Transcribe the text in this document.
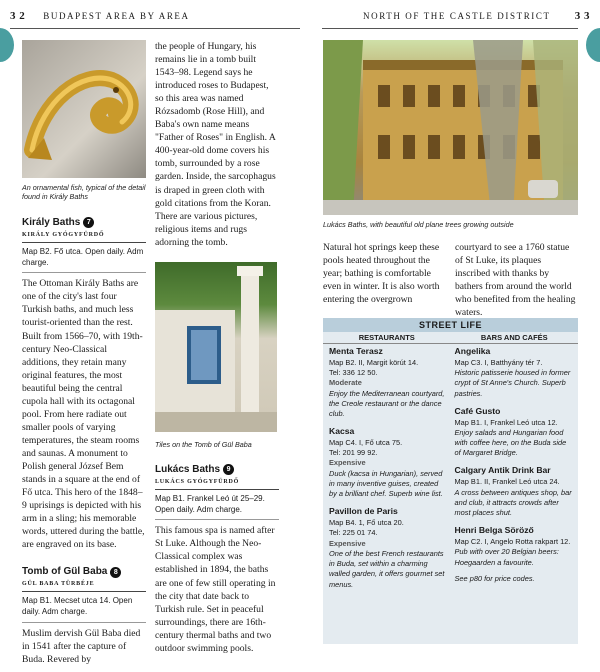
3 2 BUDAPEST AREA BY AREA	NORTH OF THE CASTLE DISTRICT 3 3
An ornamental fish, typical of the detail found in Király Baths
Király Baths 7
KIRÁLY GYÓGYFÜRDŐ
Map B2. Fő utca. Open daily. Adm charge.

The Ottoman Király Baths are one of the city's last four Turkish baths, and much less tourist-oriented than the rest. Built from 1566–70, with 19th-century Neo-Classical additions, they retain many original features, the most beautiful being the central cupola hall with its octagonal pool. From here radiate out smaller pools of varying temperatures, the steam rooms and saunas. A monument to Polish general József Bem stands in a square at the end of Fő utca. This hero of the 1848–9 uprisings is depicted with his arm in a sling; his memorable words, uttered during the battle, are engraved on its base.

Tomb of Gül Baba 8
GÜL BABA TÜRBÉJE
Map B1. Mecset utca 14. Open daily. Adm charge.

Muslim dervish Gül Baba died in 1541 after the capture of Buda. Revered by

the people of Hungary, his remains lie in a tomb built 1543–98. Legend says he introduced roses to Budapest, so this area was named Rózsadomb (Rose Hill), and Baba's own name means "Father of Roses" in English. A 400-year-old dome covers his tomb, surrounded by a rose garden. Inside, the sarcophagus is draped in green cloth with gold citations from the Koran. There are various pictures, religious items and rugs adorning the tomb.

Tiles on the Tomb of Gül Baba
Lukács Baths 9
LUKÁCS GYÓGYFÜRDŐ
Map B1. Frankel Leó út 25–29. Open daily. Adm charge.

This famous spa is named after St Luke. Although the Neo-Classical complex was established in 1894, the baths are one of few still operating in the city that date back to Turkish rule. Set in peaceful surroundings, there are 16th-century thermal baths and two outdoor swimming pools.

Lukács Baths, with beautiful old plane trees growing outside

Natural hot springs keep these pools heated throughout the year; bathing is comfortable even in winter. It is also worth entering the overgrown

courtyard to see a 1760 statue of St Luke, its plaques inscribed with thanks by bathers from around the world who benefited from the healing waters.

STREET LIFE
RESTAURANTS	BARS AND CAFÉS
Menta Terasz
Map B2. II, Margit körút 14.
Tel: 336 12 50.
Moderate
Enjoy the Mediterranean courtyard, the Creole restaurant or the dance club.
Kacsa
Map C4. I, Fő utca 75.
Tel: 201 99 92.
Expensive
Duck (kacsa in Hungarian), served in many inventive guises, created by a brilliant chef. Superb wine list.
Pavillon de Paris
Map B4. 1, Fő utca 20.
Tel: 225 01 74.
Expensive
One of the best French restaurants in Buda, set within a charming walled garden, it offers gourmet set menus.
Angelika
Map C3. I, Batthyány tér 7.
Historic patisserie housed in former crypt of St Anne's Church. Superb pastries.
Café Gusto
Map B1. I, Frankel Leó utca 12.
Enjoy salads and Hungarian food with coffee here, on the Buda side of Margaret Bridge.
Calgary Antik Drink Bar
Map B1. II, Frankel Leó utca 24.
A cross between antiques shop, bar and club, it attracts crowds after most places shut.
Henri Belga Söröző
Map C2. I, Angelo Rotta rakpart 12.
Pub with over 20 Belgian beers: Hoegaarden a favourite.
See p80 for price codes.
